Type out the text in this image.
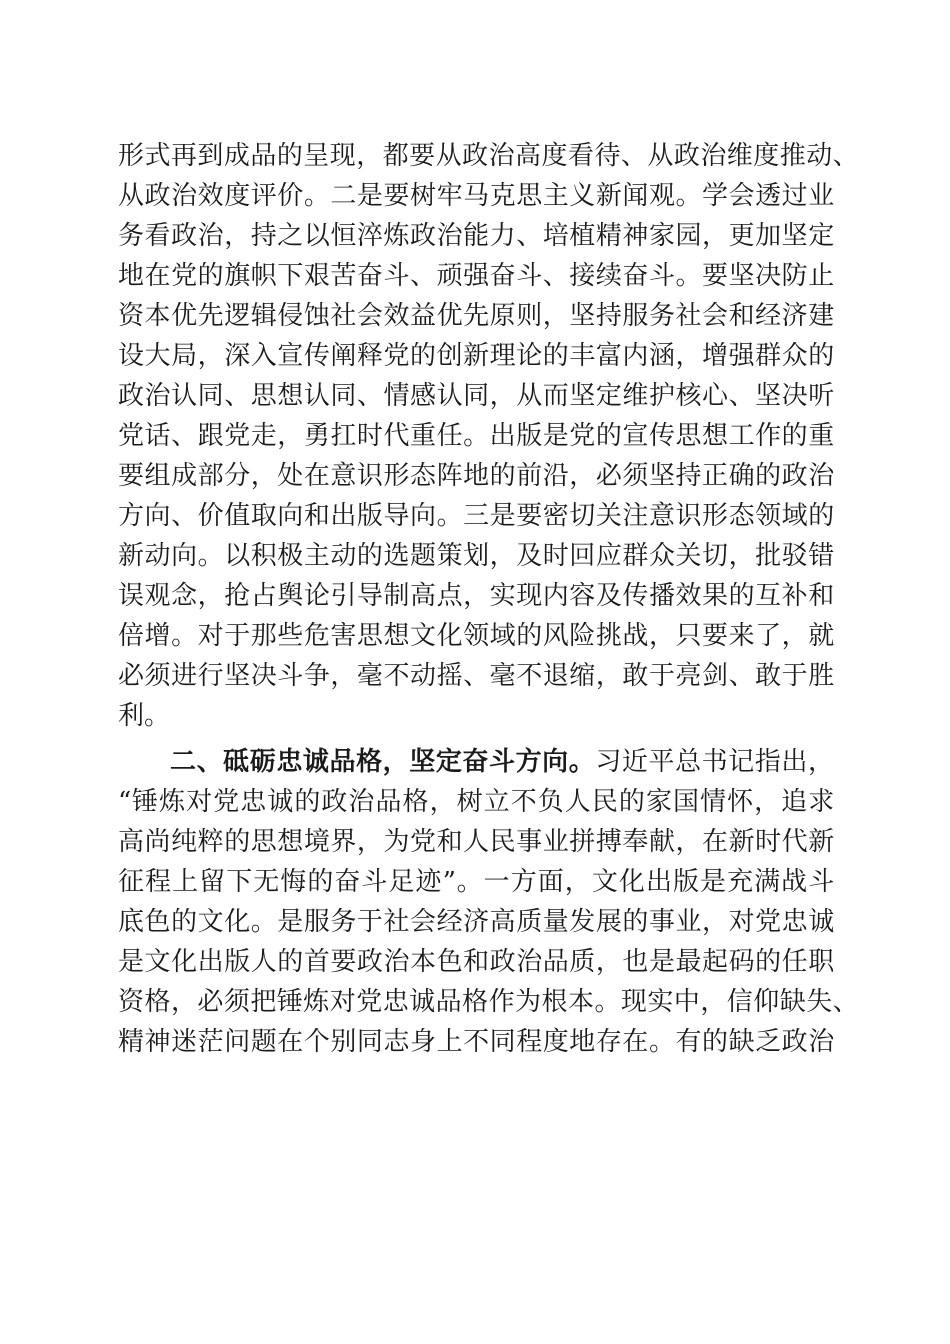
形 式 再 到 成 品 的 呈 现 ， 都 要 从 政 治 高 度 看 待 、 从 政 治 维 度 推 动 、
从 政 治 效 度 评 价 。 二 是 要 树 牢 马 克 思 主 义 新 闻 观 。 学 会 透 过 业
务 看 政 治 ， 持 之 以 恒 淬 炼 政 治 能 力 、 培 植 精 神 家 园 ， 更 加 坚 定
地 在 党 的 旗 帜 下 艰 苦 奋 斗 、 顽 强 奋 斗 、 接 续 奋 斗 。 要 坚 决 防 止
资 本 优 先 逻 辑 侵 蚀 社 会 效 益 优 先 原 则 ， 坚 持 服 务 社 会 和 经 济 建
设 大 局 ， 深 入 宣 传 阐 释 党 的 创 新 理 论 的 丰 富 内 涵 ， 增 强 群 众 的
政 治 认 同 、 思 想 认 同 、 情 感 认 同 ， 从 而 坚 定 维 护 核 心 、 坚 决 听
党 话 、 跟 党 走 ， 勇 扛 时 代 重 任 。 出 版 是 党 的 宣 传 思 想 工 作 的 重
要 组 成 部 分 ， 处 在 意 识 形 态 阵 地 的 前 沿 ， 必 须 坚 持 正 确 的 政 治
方 向 、 价 值 取 向 和 出 版 导 向 。 三 是 要 密 切 关 注 意 识 形 态 领 域 的
新 动 向 。 以 积 极 主 动 的 选 题 策 划 ， 及 时 回 应 群 众 关 切 ， 批 驳 错
误 观 念 ， 抢 占 舆 论 引 导 制 高 点 ， 实 现 内 容 及 传 播 效 果 的 互 补 和
倍 增 。 对 于 那 些 危 害 思 想 文 化 领 域 的 风 险 挑 战 ， 只 要 来 了 ， 就
必 须 进 行 坚 决 斗 争 ， 毫 不 动 摇 、 毫 不 退 缩 ， 敢 于 亮 剑 、 敢 于 胜
利。
二、砥砺忠诚品格，坚定奋斗方向。习近平总书记指出，
“ 锤 炼 对 党 忠 诚 的 政 治 品 格 ， 树 立 不 负 人 民 的 家 国 情 怀 ， 追 求
高 尚 纯 粹 的 思 想 境 界 ， 为 党 和 人 民 事 业 拼 搏 奉 献 ， 在 新 时 代 新
征 程 上 留 下 无 悔 的 奋 斗 足 迹 ” 。 一 方 面 ， 文 化 出 版 是 充 满 战 斗
底 色 的 文 化 。 是 服 务 于 社 会 经 济 高 质 量 发 展 的 事 业 ， 对 党 忠 诚
是 文 化 出 版 人 的 首 要 政 治 本 色 和 政 治 品 质 ， 也 是 最 起 码 的 任 职
资 格 ， 必 须 把 锤 炼 对 党 忠 诚 品 格 作 为 根 本 。 现 实 中 ， 信 仰 缺 失 、
精 神 迷 茫 问 题 在 个 别 同 志 身 上 不 同 程 度 地 存 在 。 有 的 缺 乏 政 治
